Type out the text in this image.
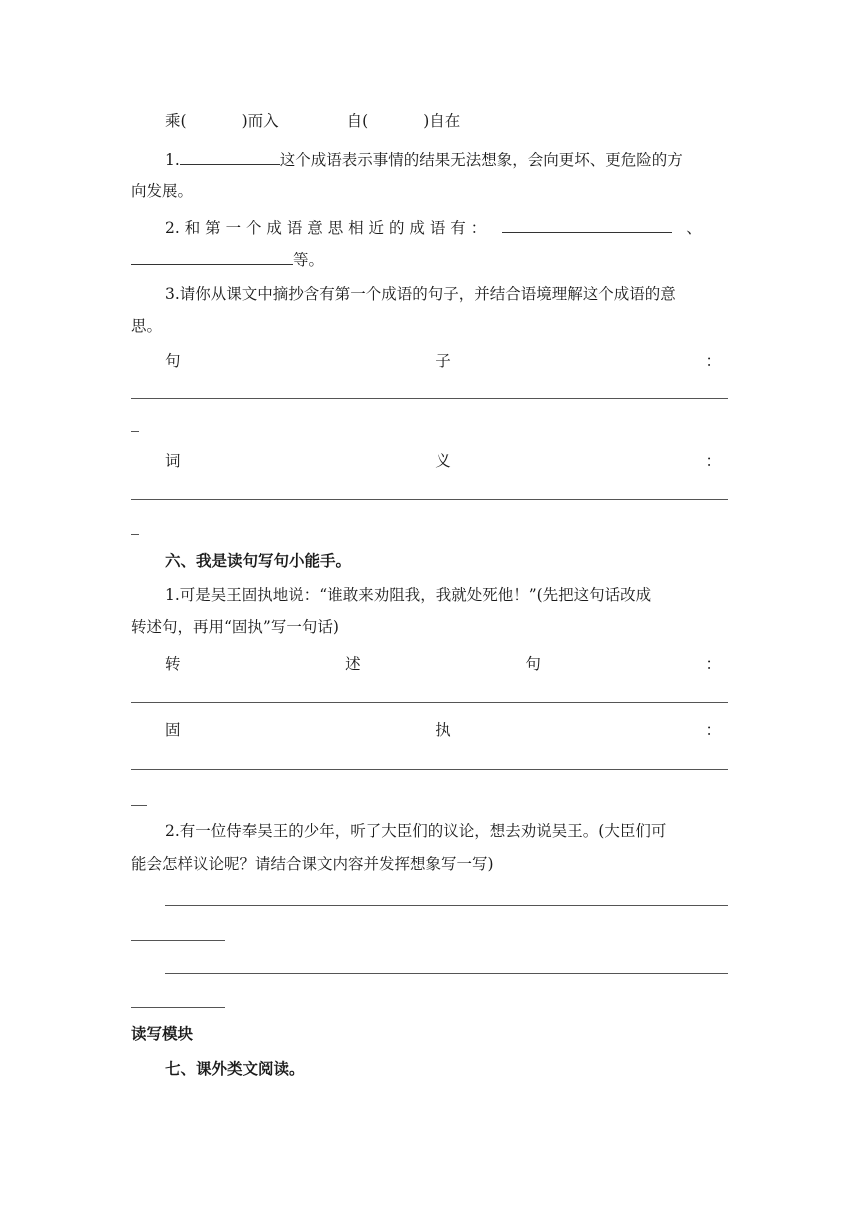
乘(	)而入	自(	)自在
1.	这个成语表示事情的结果无法想象，会向更坏、更危险的方
向发展。
2. 和 第 一 个 成 语 意 思 相 近 的 成 语 有 ：	、
等。
3.请你从课文中摘抄含有第一个成语的句子，并结合语境理解这个成语的意
思。
句	子	：
词	义	：
六、我是读句写句小能手。
1.可是吴王固执地说：“谁敢来劝阻我，我就处死他！”(先把这句话改成
转述句，再用“固执”写一句话)
转	述	句	：
固	执	：
2.有一位侍奉吴王的少年，听了大臣们的议论，想去劝说吴王。(大臣们可
能会怎样议论呢？请结合课文内容并发挥想象写一写)
读写模块
七、课外类文阅读。
